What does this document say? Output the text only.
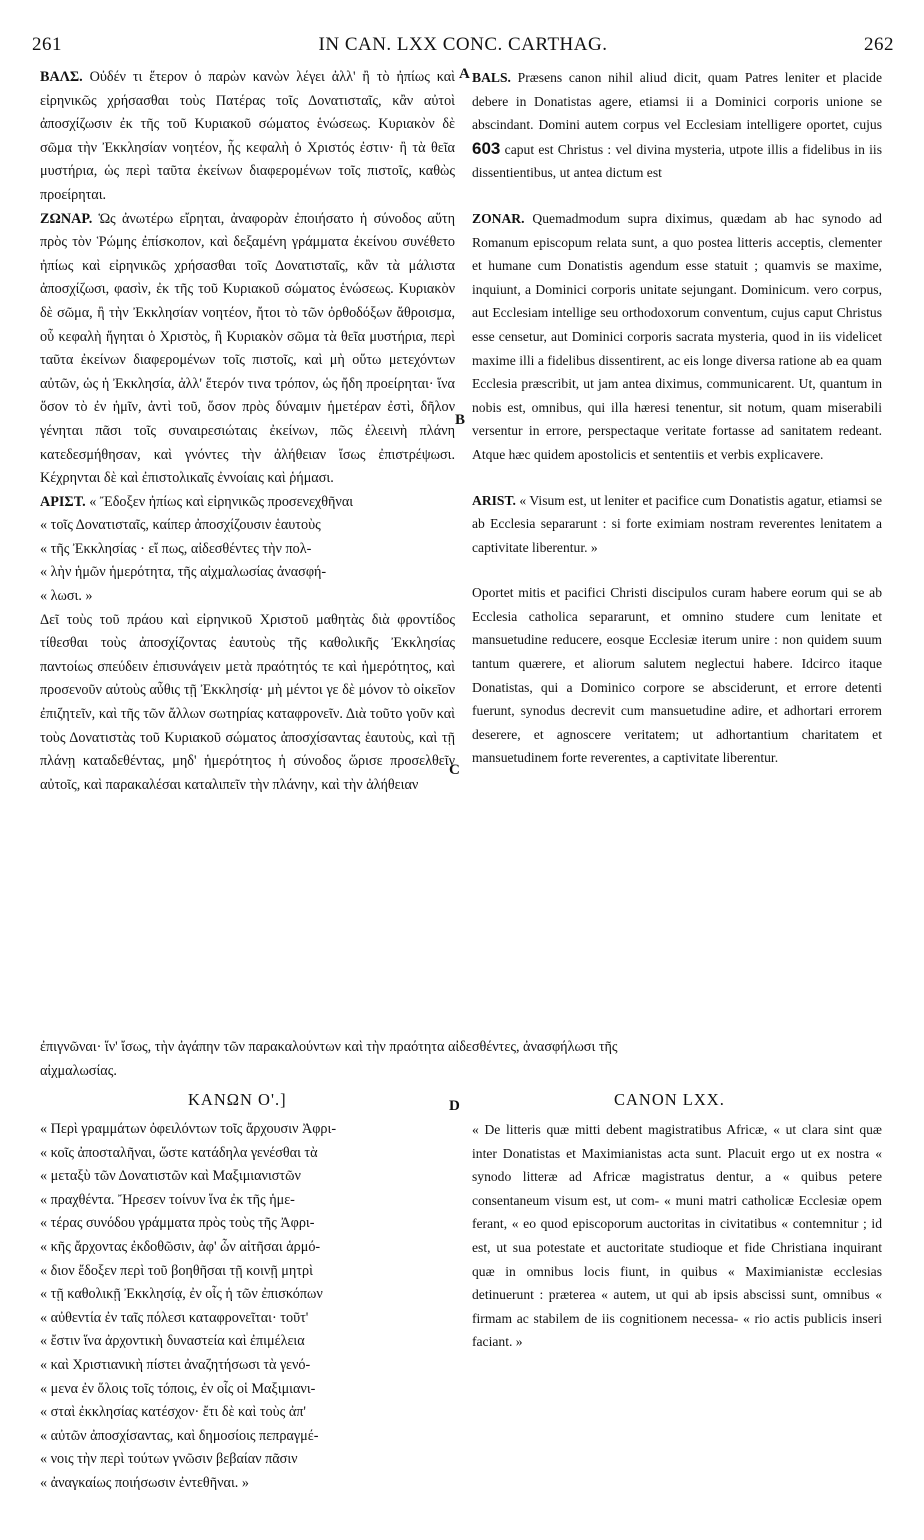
261	IN CAN. LXX CONC. CARTHAG.	262
A
B
C
D

ΒΑΛΣ. Οὐδέν τι ἕτερον ὁ παρὼν κανὼν λέγει ἀλλ' ἢ τὸ ἠπίως καὶ εἰρηνικῶς χρήσασθαι τοὺς Πατέρας τοῖς Δονατισταῖς, κἂν αὐτοὶ ἀποσχίζωσιν ἐκ τῆς τοῦ Κυριακοῦ σώματος ἑνώσεως. Κυριακὸν δὲ σῶμα τὴν Ἐκκλησίαν νοητέον, ἧς κεφαλὴ ὁ Χριστός ἐστιν· ἢ τὰ θεῖα μυστήρια, ὡς περὶ ταῦτα ἐκείνων διαφερομένων τοῖς πιστοῖς, καθὼς προείρηται.

ΖΩΝΑΡ. Ὡς ἀνωτέρω εἴρηται, ἀναφορὰν ἐποιήσατο ἡ σύνοδος αὕτη πρὸς τὸν Ῥώμης ἐπίσκοπον, καὶ δεξαμένη γράμματα ἐκείνου συνέθετο ἠπίως καὶ εἰρηνικῶς χρήσασθαι τοῖς Δονατισταῖς, κἂν τὰ μάλιστα ἀποσχίζωσι, φασὶν, ἐκ τῆς τοῦ Κυριακοῦ σώματος ἑνώσεως. Κυριακὸν δὲ σῶμα, ἢ τὴν Ἐκκλησίαν νοητέον, ἤτοι τὸ τῶν ὀρθοδόξων ἄθροισμα, οὗ κεφαλὴ ἥγηται ὁ Χριστὸς, ἢ Κυριακὸν σῶμα τὰ θεῖα μυστήρια, περὶ ταῦτα ἐκείνων διαφερομένων τοῖς πιστοῖς, καὶ μὴ οὕτω μετεχόντων αὐτῶν, ὡς ἡ Ἐκκλησία, ἀλλ' ἕτερόν τινα τρόπον, ὡς ἤδη προείρηται· ἵνα ὅσον τὸ ἐν ἡμῖν, ἀντὶ τοῦ, ὅσον πρὸς δύναμιν ἡμετέραν ἐστὶ, δῆλον γένηται πᾶσι τοῖς συναιρεσιώταις ἐκείνων, πῶς ἐλεεινὴ πλάνη κατεδεσμήθησαν, καὶ γνόντες τὴν ἀλήθειαν ἴσως ἐπιστρέψωσι. Κέχρηνται δὲ καὶ ἐπιστολικαῖς ἐννοίαις καὶ ῥήμασι.

ΑΡΙΣΤ. « Ἔδοξεν ἠπίως καὶ εἰρηνικῶς προσενεχθῆναι
« τοῖς Δονατισταῖς, καίπερ ἀποσχίζουσιν ἑαυτοὺς
« τῆς Ἐκκλησίας · εἴ πως, αἰδεσθέντες τὴν πολ-
« λὴν ἡμῶν ἡμερότητα, τῆς αἰχμαλωσίας ἀνασφή-
« λωσι. »

Δεῖ τοὺς τοῦ πράου καὶ εἰρηνικοῦ Χριστοῦ μαθητὰς διὰ φροντίδος τίθεσθαι τοὺς ἀποσχίζοντας ἑαυτοὺς τῆς καθολικῆς Ἐκκλησίας παντοίως σπεύδειν ἐπισυνάγειν μετὰ πραότητός τε καὶ ἡμερότητος, καὶ προσενοῦν αὐτοὺς αὖθις τῇ Ἐκκλησίᾳ· μὴ μέντοι γε δὲ μόνον τὸ οἰκεῖον ἐπιζητεῖν, καὶ τῆς τῶν ἄλλων σωτηρίας καταφρονεῖν. Διὰ τοῦτο γοῦν καὶ τοὺς Δονατιστὰς τοῦ Κυριακοῦ σώματος ἀποσχίσαντας ἑαυτοὺς, καὶ τῇ πλάνῃ καταδεθέντας, μηδ' ἡμερότητος ἡ σύνοδος ὥρισε προσελθεῖν αὐτοῖς, καὶ παρακαλέσαι καταλιπεῖν τὴν πλάνην, καὶ τὴν ἀλήθειαν

ἐπιγνῶναι· ἵν' ἴσως, τὴν ἀγάπην τῶν παρακαλούντων καὶ τὴν πραότητα αἰδεσθέντες, ἀνασφήλωσι τῆς
αἰχμαλωσίας.
ΚΑΝΩΝ Ο'.]
« Περὶ γραμμάτων ὀφειλόντων τοῖς ἄρχουσιν Ἀφρι-
« κοῖς ἀποσταλῆναι, ὥστε κατάδηλα γενέσθαι τὰ
« μεταξὺ τῶν Δονατιστῶν καὶ Μαξιμιανιστῶν
« πραχθέντα. Ἤρεσεν τοίνυν ἵνα ἐκ τῆς ἡμε-
« τέρας συνόδου γράμματα πρὸς τοὺς τῆς Ἀφρι-
« κῆς ἄρχοντας ἐκδοθῶσιν, ἀφ' ὧν αἰτῆσαι ἁρμό-
« διον ἔδοξεν περὶ τοῦ βοηθῆσαι τῇ κοινῇ μητρὶ
« τῇ καθολικῇ Ἐκκλησίᾳ, ἐν οἷς ἡ τῶν ἐπισκόπων
« αὐθεντία ἐν ταῖς πόλεσι καταφρονεῖται· τοῦτ'
« ἔστιν ἵνα ἀρχοντικὴ δυναστεία καὶ ἐπιμέλεια
« καὶ Χριστιανικὴ πίστει ἀναζητήσωσι τὰ γενό-
« μενα ἐν ὅλοις τοῖς τόποις, ἐν οἷς οἱ Μαξιμιανι-
« σταὶ ἐκκλησίας κατέσχον· ἔτι δὲ καὶ τοὺς ἀπ'
« αὐτῶν ἀποσχίσαντας, καὶ δημοσίοις πεπραγμέ-
« νοις τὴν περὶ τούτων γνῶσιν βεβαίαν πᾶσιν
« ἀναγκαίως ποιήσωσιν ἐντεθῆναι. »

BALS. Præsens canon nihil aliud dicit, quam Patres leniter et placide debere in Donatistas agere, etiamsi ii a Dominici corporis unione se abscindant. Domini autem corpus vel Ecclesiam intelligere oportet, cujus 603 caput est Christus : vel divina mysteria, utpote illis a fidelibus in iis dissentientibus, ut antea dictum est

ZONAR. Quemadmodum supra diximus, quædam ab hac synodo ad Romanum episcopum relata sunt, a quo postea litteris acceptis, clementer et humane cum Donatistis agendum esse statuit ; quamvis se maxime, inquiunt, a Dominici corporis unitate sejungant. Dominicum. vero corpus, aut Ecclesiam intellige seu orthodoxorum conventum, cujus caput Christus esse censetur, aut Dominici corporis sacrata mysteria, quod in iis videlicet maxime illi a fidelibus dissentirent, ac eis longe diversa ratione ab ea quam Ecclesia præscribit, ut jam antea diximus, communicarent. Ut, quantum in nobis est, omnibus, qui illa hæresi tenentur, sit notum, quam miserabili versentur in errore, perspectaque veritate fortasse ad sanitatem redeant. Atque hæc quidem apostolicis et sententiis et verbis explicavere.

ARIST. « Visum est, ut leniter et pacifice cum Donatistis agatur, etiamsi se ab Ecclesia separarunt : si forte eximiam nostram reverentes lenitatem a captivitate liberentur. »

Oportet mitis et pacifici Christi discipulos curam habere eorum qui se ab Ecclesia catholica separarunt, et omnino studere cum lenitate et mansuetudine reducere, eosque Ecclesiæ iterum unire : non quidem suum tantum quærere, et aliorum salutem neglectui habere. Idcirco itaque Donatistas, qui a Dominico corpore se absciderunt, et errore detenti fuerunt, synodus decrevit cum mansuetudine adire, et adhortari errorem deserere, et agnoscere veritatem; ut adhortantium charitatem et mansuetudinem forte reverentes, a captivitate liberentur.

CANON LXX.
« De litteris quæ mitti debent magistratibus Africæ, « ut clara sint quæ inter Donatistas et Maximianistas acta sunt. Placuit ergo ut ex nostra « synodo litteræ ad Africæ magistratus dentur, a « quibus petere consentaneum visum est, ut com- « muni matri catholicæ Ecclesiæ opem ferant, « eo quod episcoporum auctoritas in civitatibus « contemnitur ; id est, ut sua potestate et auctoritate studioque et fide Christiana inquirant quæ in omnibus locis fiunt, in quibus « Maximianistæ ecclesias detinuerunt : præterea « autem, ut qui ab ipsis abscissi sunt, omnibus « firmam ac stabilem de iis cognitionem necessa- « rio actis publicis inseri faciant. »
